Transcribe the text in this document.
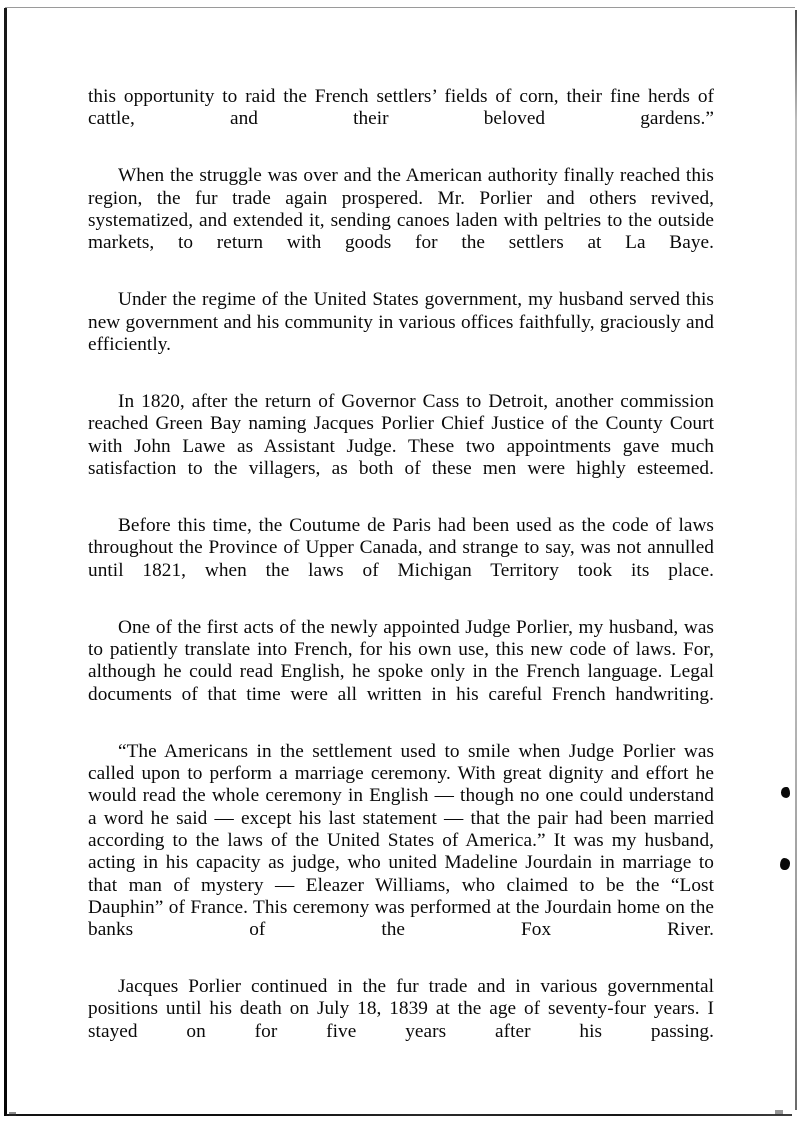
this opportunity to raid the French settlers’ fields of corn, their fine herds of cattle, and their beloved gardens.”

When the struggle was over and the American authority finally reached this region, the fur trade again prospered. Mr. Porlier and others revived, systematized, and extended it, sending canoes laden with peltries to the outside markets, to return with goods for the settlers at La Baye.

Under the regime of the United States government, my husband served this new government and his community in various offices faithfully, graciously and efficiently.

In 1820, after the return of Governor Cass to Detroit, another commission reached Green Bay naming Jacques Porlier Chief Justice of the County Court with John Lawe as Assistant Judge. These two appointments gave much satisfaction to the villagers, as both of these men were highly esteemed.

Before this time, the Coutume de Paris had been used as the code of laws throughout the Province of Upper Canada, and strange to say, was not annulled until 1821, when the laws of Michigan Territory took its place.

One of the first acts of the newly appointed Judge Porlier, my husband, was to patiently translate into French, for his own use, this new code of laws. For, although he could read English, he spoke only in the French language. Legal documents of that time were all written in his careful French handwriting.

“The Americans in the settlement used to smile when Judge Porlier was called upon to perform a marriage ceremony. With great dignity and effort he would read the whole ceremony in English — though no one could understand a word he said — except his last statement — that the pair had been married according to the laws of the United States of America.” It was my husband, acting in his capacity as judge, who united Madeline Jourdain in marriage to that man of mystery — Eleazer Williams, who claimed to be the “Lost Dauphin” of France. This ceremony was performed at the Jourdain home on the banks of the Fox River.

Jacques Porlier continued in the fur trade and in various governmental positions until his death on July 18, 1839 at the age of seventy-four years. I stayed on for five years after his passing.
